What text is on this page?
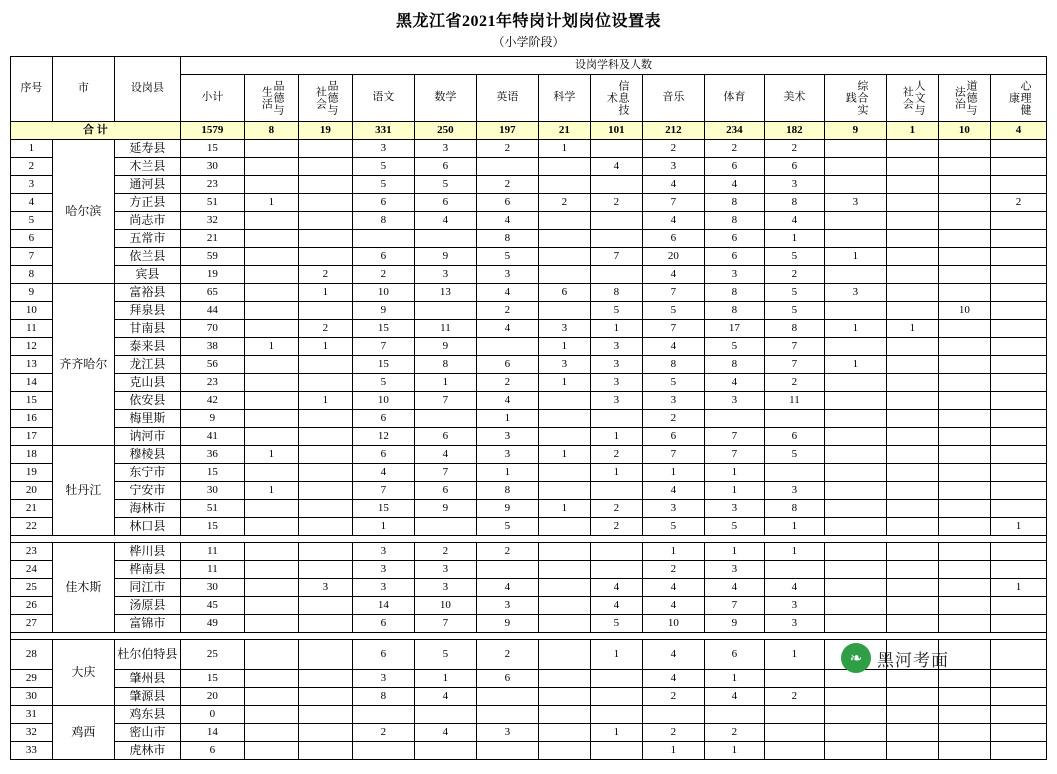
黑龙江省2021年特岗计划岗位设置表
（小学阶段）
序号	市	设岗县	设岗学科及人数														
			小计	品德与生活	品德与社会	语文	数学	英语	科学	信息技术	音乐	体育	美术	综合实践	人文与社会	道德与法治	心理健康

合 计			1579	8	19	331	250	197	21	101	212	234	182	9	1	10	4
1	哈尔滨	延寿县	15			3	3	2	1		2	2	2				
2		木兰县	30			5	6			4	3	6	6				
3		通河县	23			5	5	2			4	4	3				
4		方正县	51	1		6	6	6	2	2	7	8	8	3			2
5		尚志市	32			8	4	4			4	8	4				
6		五常市	21					8			6	6	1				
7		依兰县	59			6	9	5		7	20	6	5	1			
8		宾县	19		2	2	3	3			4	3	2				
9	齐齐哈尔	富裕县	65		1	10	13	4	6	8	7	8	5	3			
10		拜泉县	44			9		2		5	5	8	5			10	
11		甘南县	70		2	15	11	4	3	1	7	17	8	1	1		
12		泰来县	38	1	1	7	9		1	3	4	5	7				
13		龙江县	56			15	8	6	3	3	8	8	7	1			
14		克山县	23			5	1	2	1	3	5	4	2				
15		依安县	42		1	10	7	4		3	3	3	11				
16		梅里斯	9			6		1			2						
17		讷河市	41			12	6	3		1	6	7	6				
18	牡丹江	穆棱县	36	1		6	4	3	1	2	7	7	5				
19		东宁市	15			4	7	1		1	1	1					
20		宁安市	30	1		7	6	8			4	1	3				
21		海林市	51			15	9	9	1	2	3	3	8				
22		林口县	15			1		5		2	5	5	1				1

23	佳木斯	桦川县	11			3	2	2			1	1	1				
24		桦南县	11			3	3				2	3					
25		同江市	30		3	3	3	4		4	4	4	4				1
26		汤原县	45			14	10	3		4	4	7	3				
27		富锦市	49			6	7	9		5	10	9	3				

28	大庆	杜尔伯特县	25			6	5	2		1	4	6	1				
29		肇州县	15			3	1	6			4	1					
30		肇源县	20			8	4				2	4	2				
31	鸡西	鸡东县	0														
32		密山市	14			2	4	3		1	2	2					
33		虎林市	6								1	1					
❧ 黑河考面
